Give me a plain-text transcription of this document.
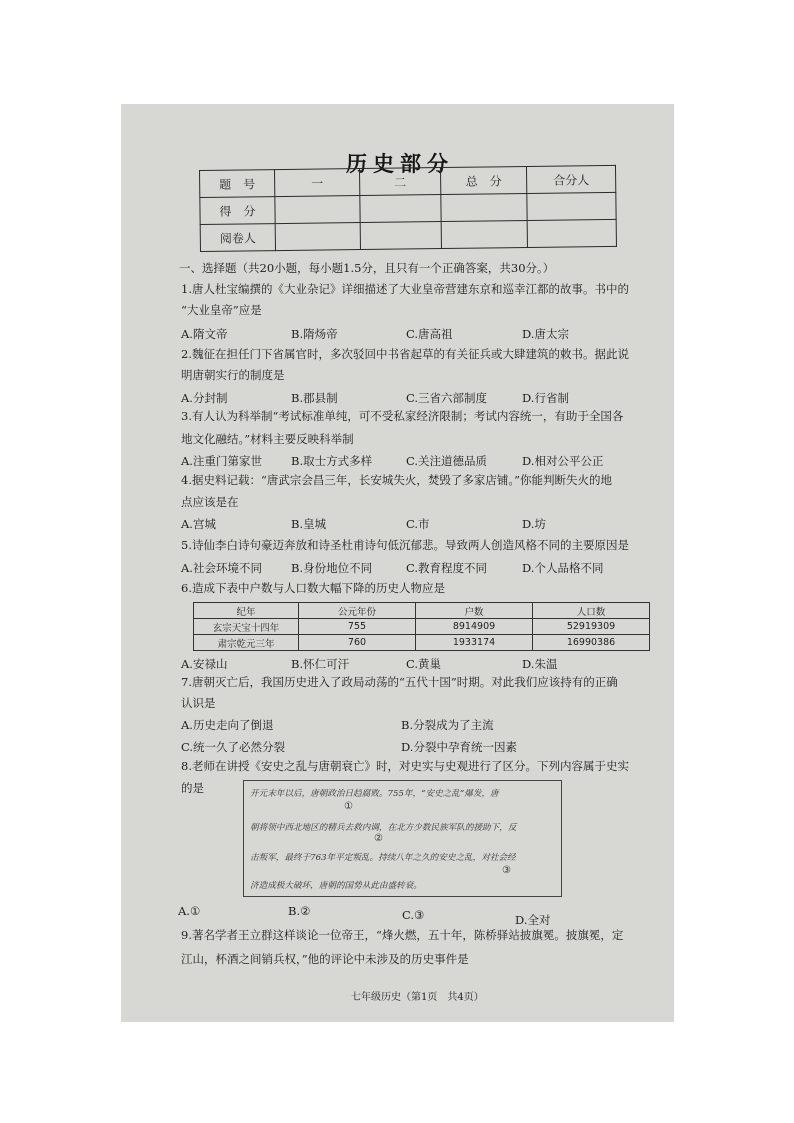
历史部分
题　号	一	二	总　分	合分人
得　分				
阅卷人				
一、选择题（共20小题，每小题1.5分，且只有一个正确答案，共30分。）
1.唐人杜宝编撰的《大业杂记》详细描述了大业皇帝营建东京和巡幸江都的故事。书中的
“大业皇帝”应是
A.隋文帝	B.隋炀帝	C.唐高祖	D.唐太宗
2.魏征在担任门下省属官时，多次驳回中书省起草的有关征兵或大肆建筑的敕书。据此说
明唐朝实行的制度是
A.分封制	B.郡县制	C.三省六部制度	D.行省制
3.有人认为科举制“考试标准单纯，可不受私家经济限制；考试内容统一，有助于全国各
地文化融结。”材料主要反映科举制
A.注重门第家世	B.取士方式多样	C.关注道德品质	D.相对公平公正
4.据史料记载：“唐武宗会昌三年，长安城失火，焚毁了多家店铺。”你能判断失火的地
点应该是在
A.宫城	B.皇城	C.市	D.坊
5.诗仙李白诗句豪迈奔放和诗圣杜甫诗句低沉郁悲。导致两人创造风格不同的主要原因是
A.社会环境不同	B.身份地位不同	C.教育程度不同	D.个人品格不同
6.造成下表中户数与人口数大幅下降的历史人物应是
纪年	公元年份	户数	人口数
玄宗天宝十四年	755	8914909	52919309
肃宗乾元三年	760	1933174	16990386
A.安禄山	B.怀仁可汗	C.黄巢	D.朱温
7.唐朝灭亡后，我国历史进入了政局动荡的“五代十国”时期。对此我们应该持有的正确
认识是
A.历史走向了倒退	B.分裂成为了主流
C.统一久了必然分裂	D.分裂中孕育统一因素
8.老师在讲授《安史之乱与唐朝衰亡》时，对史实与史观进行了区分。下列内容属于史实
的是	开元末年以后，唐朝政治日趋腐败。755年，“安史之乱”爆发，唐
①
朝将领中西北地区的精兵去救内调，在北方少数民族军队的援助下，反
②
击叛军，最终于763年平定叛乱。持续八年之久的安史之乱，对社会经
③
济造成极大破坏，唐朝的国势从此由盛转衰。
A.①	B.②	C.③	D.全对
9.著名学者王立群这样谈论一位帝王，“烽火燃，五十年，陈桥驿站披旗冕。披旗冕，定
江山，杯酒之间销兵权，”他的评论中未涉及的历史事件是
七年级历史（第1页　共4页）
